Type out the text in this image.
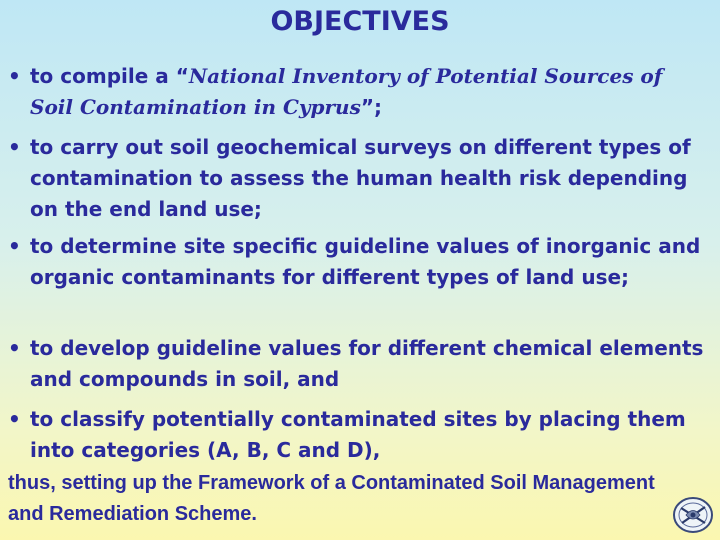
OBJECTIVES
• to compile a “National Inventory of Potential Sources of Soil Contamination in Cyprus”;
• to carry out soil geochemical surveys on different types of contamination to assess the human health risk depending on the end land use;
• to determine site specific guideline values of inorganic and organic contaminants for different types of land use;
• to develop guideline values for different chemical elements and compounds in soil, and
• to classify potentially contaminated sites by placing them into categories (A, B, C and D),
thus, setting up the Framework of a Contaminated Soil Management and Remediation Scheme.
